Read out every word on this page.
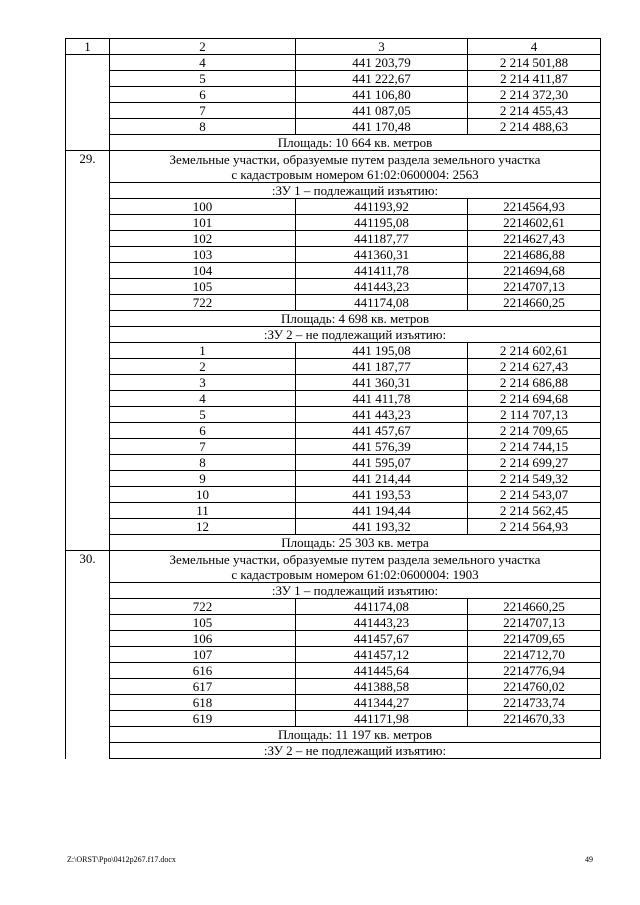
1	2	3	4
	4	441 203,79	2 214 501,88
	5	441 222,67	2 214 411,87
	6	441 106,80	2 214 372,30
	7	441 087,05	2 214 455,43
	8	441 170,48	2 214 488,63
	Площадь: 10 664 кв. метров		
29.	Земельные участки, образуемые путем раздела земельного участка
с кадастровым номером 61:02:0600004: 2563		

	:ЗУ 1 – подлежащий изъятию:		
	100	441193,92	2214564,93
	101	441195,08	2214602,61
	102	441187,77	2214627,43
	103	441360,31	2214686,88
	104	441411,78	2214694,68
	105	441443,23	2214707,13
	722	441174,08	2214660,25
	Площадь: 4 698 кв. метров		
	:ЗУ 2 – не подлежащий изъятию:		
	1	441 195,08	2 214 602,61
	2	441 187,77	2 214 627,43
	3	441 360,31	2 214 686,88
	4	441 411,78	2 214 694,68
	5	441 443,23	2 114 707,13
	6	441 457,67	2 214 709,65
	7	441 576,39	2 214 744,15
	8	441 595,07	2 214 699,27
	9	441 214,44	2 214 549,32
	10	441 193,53	2 214 543,07
	11	441 194,44	2 214 562,45
	12	441 193,32	2 214 564,93
	Площадь: 25 303 кв. метра		
30.	Земельные участки, образуемые путем раздела земельного участка
с кадастровым номером 61:02:0600004: 1903		

	:ЗУ 1 – подлежащий изъятию:		
	722	441174,08	2214660,25
	105	441443,23	2214707,13
	106	441457,67	2214709,65
	107	441457,12	2214712,70
	616	441445,64	2214776,94
	617	441388,58	2214760,02
	618	441344,27	2214733,74
	619	441171,98	2214670,33
	Площадь: 11 197 кв. метров		
	:ЗУ 2 – не подлежащий изъятию:		
Z:\ORST\Ppo\0412p267.f17.docx	49
